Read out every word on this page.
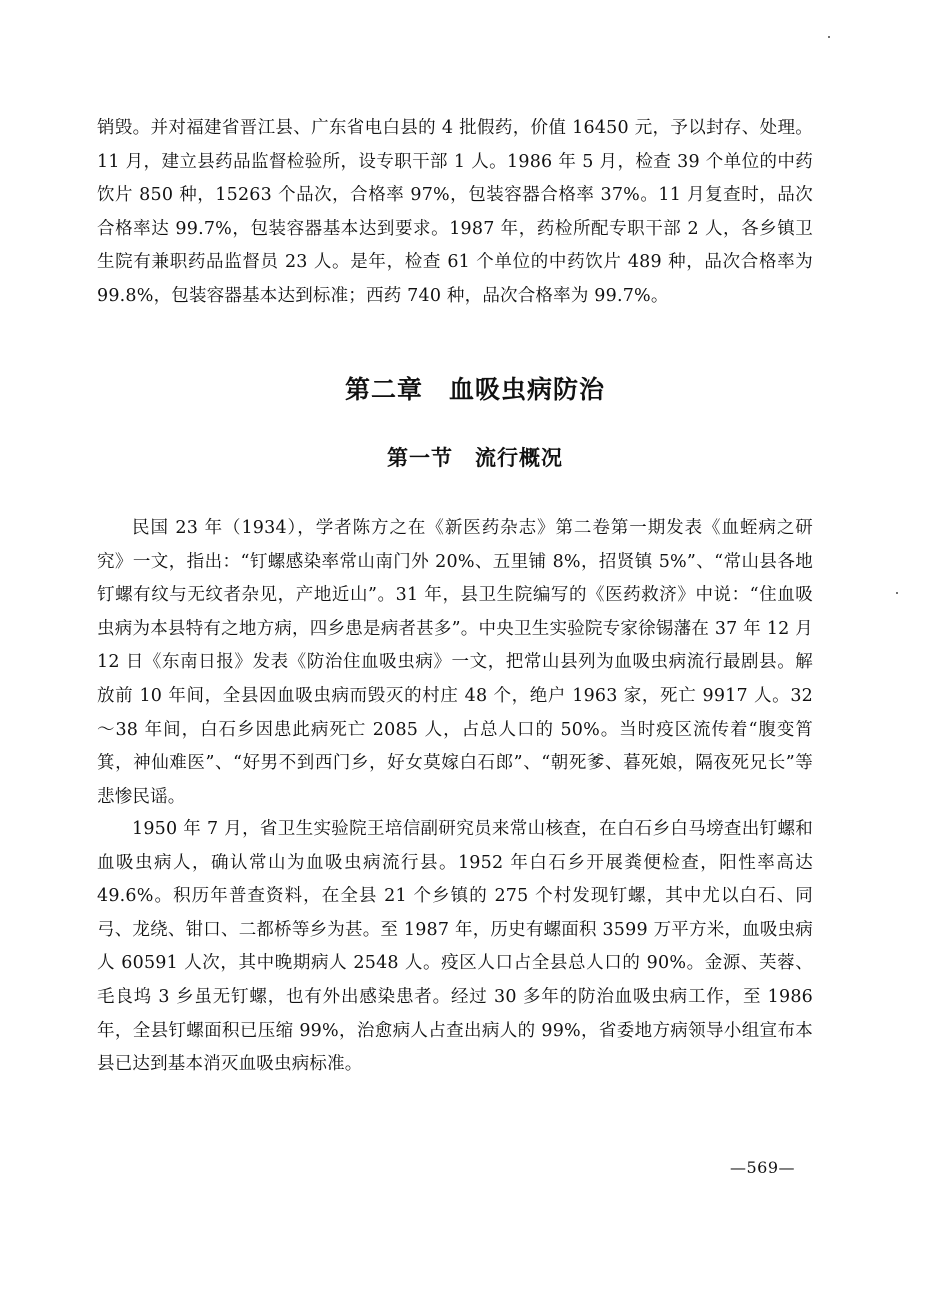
销毁。并对福建省晋江县、广东省电白县的 4 批假药，价值 16450 元，予以封存、处理。11 月，建立县药品监督检验所，设专职干部 1 人。1986 年 5 月，检查 39 个单位的中药饮片 850 种，15263 个品次，合格率 97%，包装容器合格率 37%。11 月复查时，品次合格率达 99.7%，包装容器基本达到要求。1987 年，药检所配专职干部 2 人，各乡镇卫生院有兼职药品监督员 23 人。是年，检查 61 个单位的中药饮片 489 种，品次合格率为 99.8%，包装容器基本达到标准；西药 740 种，品次合格率为 99.7%。

第二章　血吸虫病防治
第一节　流行概况

民国 23 年（1934），学者陈方之在《新医药杂志》第二卷第一期发表《血蛭病之研究》一文，指出：“钉螺感染率常山南门外 20%、五里铺 8%，招贤镇 5%”、“常山县各地钉螺有纹与无纹者杂见，产地近山”。31 年，县卫生院编写的《医药救济》中说：“住血吸虫病为本县特有之地方病，四乡患是病者甚多”。中央卫生实验院专家徐锡藩在 37 年 12 月 12 日《东南日报》发表《防治住血吸虫病》一文，把常山县列为血吸虫病流行最剧县。解放前 10 年间，全县因血吸虫病而毁灭的村庄 48 个，绝户 1963 家，死亡 9917 人。32～38 年间，白石乡因患此病死亡 2085 人，占总人口的 50%。当时疫区流传着“腹变筲箕，神仙难医”、“好男不到西门乡，好女莫嫁白石郎”、“朝死爹、暮死娘，隔夜死兄长”等悲惨民谣。

1950 年 7 月，省卫生实验院王培信副研究员来常山核查，在白石乡白马塝查出钉螺和血吸虫病人，确认常山为血吸虫病流行县。1952 年白石乡开展粪便检查，阳性率高达 49.6%。积历年普查资料，在全县 21 个乡镇的 275 个村发现钉螺，其中尤以白石、同弓、龙绕、钳口、二都桥等乡为甚。至 1987 年，历史有螺面积 3599 万平方米，血吸虫病人 60591 人次，其中晚期病人 2548 人。疫区人口占全县总人口的 90%。金源、芙蓉、毛良坞 3 乡虽无钉螺，也有外出感染患者。经过 30 多年的防治血吸虫病工作，至 1986 年，全县钉螺面积已压缩 99%，治愈病人占查出病人的 99%，省委地方病领导小组宣布本县已达到基本消灭血吸虫病标准。

—569—
